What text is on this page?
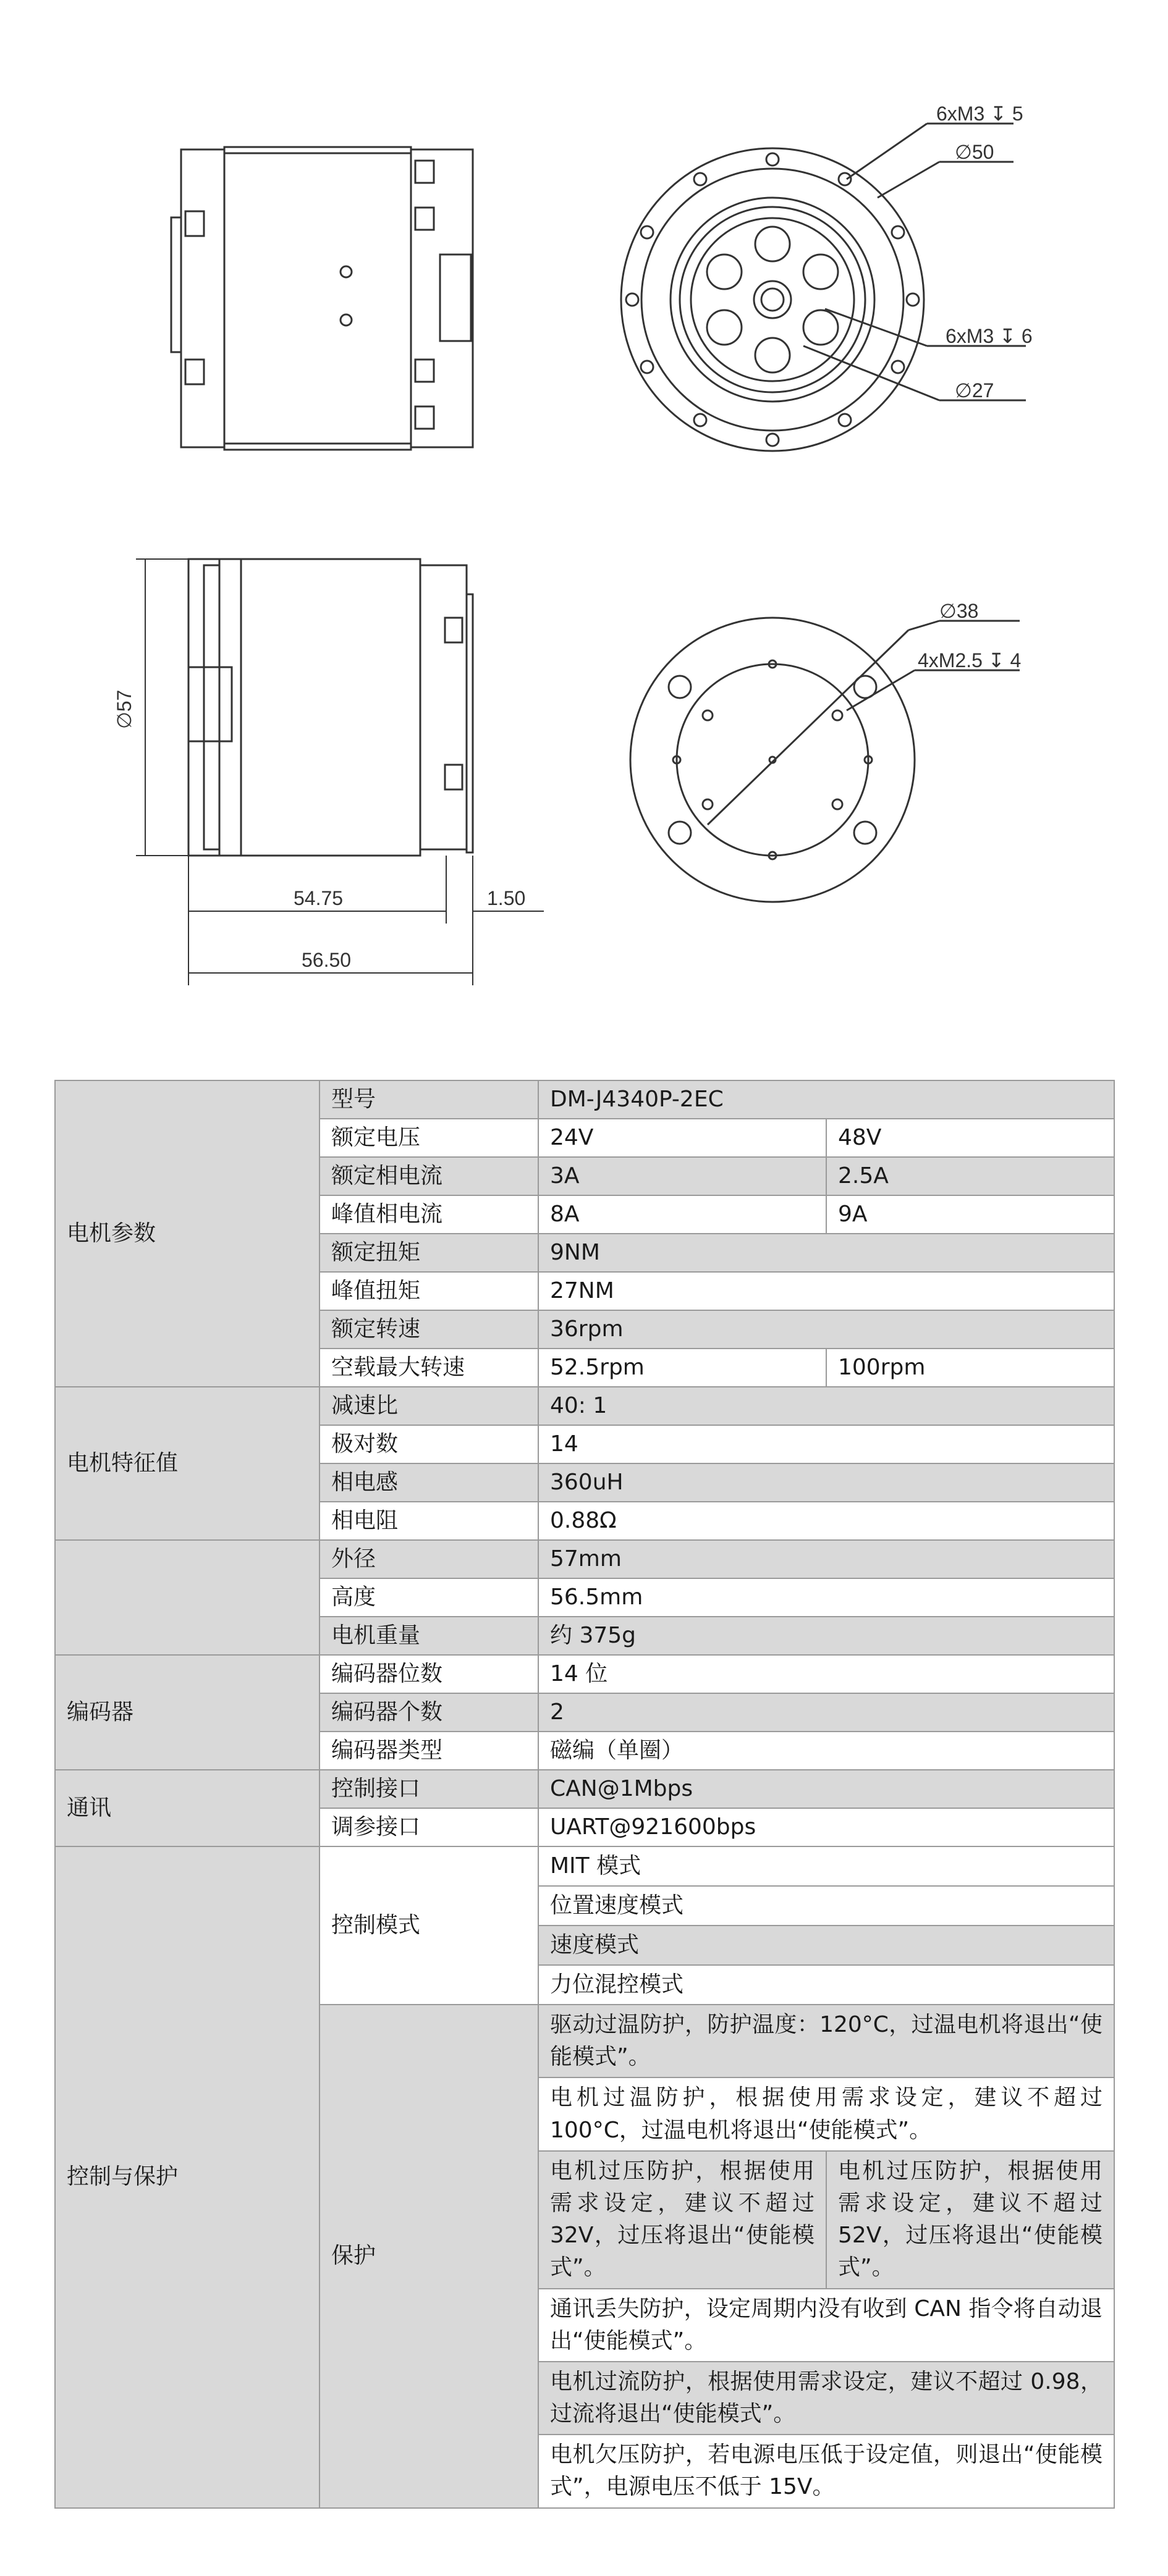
6xM3 ↧ 5
∅50
6xM3 ↧ 6
∅27
∅57
54.75	1.50
56.50
∅38
4xM2.5 ↧ 4
电机参数	型号	DM-J4340P-2EC	
	额定电压	24V	48V
	额定相电流	3A	2.5A
	峰值相电流	8A	9A
	额定扭矩	9NM	
	峰值扭矩	27NM	
	额定转速	36rpm	
	空载最大转速	52.5rpm	100rpm
电机特征值	减速比	40: 1	
	极对数	14	
	相电感	360uH	
	相电阻	0.88Ω	
	外径	57mm	
	高度	56.5mm	
	电机重量	约 375g	
编码器	编码器位数	14 位	
	编码器个数	2	
	编码器类型	磁编（单圈）	
通讯	控制接口	CAN@1Mbps	
	调参接口	UART@921600bps	
控制与保护	控制模式	MIT 模式	
		位置速度模式	
		速度模式	
		力位混控模式	
	保护	驱动过温防护，防护温度：120°C，过温电机将退出“使能模式”。	
		电机过温防护，根据使用需求设定，建议不超过100°C，过温电机将退出“使能模式”。	
		电机过压防护，根据使用需求设定，建议不超过32V，过压将退出“使能模式”。	电机过压防护，根据使用需求设定，建议不超过52V，过压将退出“使能模式”。
		通讯丢失防护，设定周期内没有收到 CAN 指令将自动退出“使能模式”。	
		电机过流防护，根据使用需求设定，建议不超过 0.98，过流将退出“使能模式”。	
		电机欠压防护，若电源电压低于设定值，则退出“使能模式”，电源电压不低于 15V。	
